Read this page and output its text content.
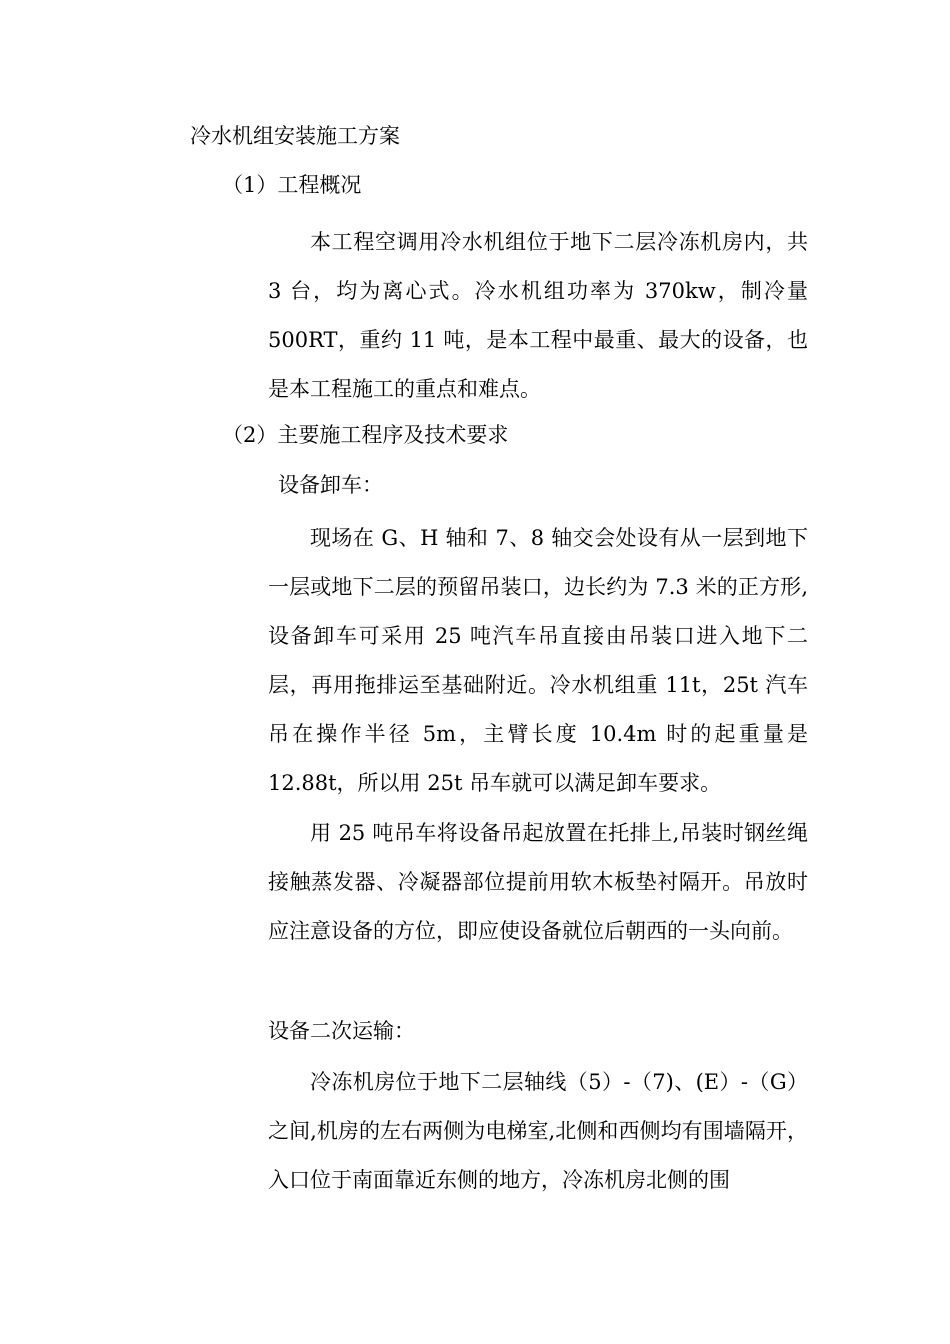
冷水机组安装施工方案
（1）工程概况

本工程空调用冷水机组位于地下二层冷冻机房内，共 3 台，均为离心式。冷水机组功率为 370kw，制冷量 500RT，重约 11 吨，是本工程中最重、最大的设备，也是本工程施工的重点和难点。

（2）主要施工程序及技术要求
设备卸车：

现场在 G、H 轴和 7、8 轴交会处设有从一层到地下一层或地下二层的预留吊装口，边长约为 7.3 米的正方形,设备卸车可采用 25 吨汽车吊直接由吊装口进入地下二层，再用拖排运至基础附近。冷水机组重 11t，25t 汽车吊在操作半径 5m，主臂长度 10.4m 时的起重量是 12.88t，所以用 25t 吊车就可以满足卸车要求。

用 25 吨吊车将设备吊起放置在托排上,吊装时钢丝绳接触蒸发器、冷凝器部位提前用软木板垫衬隔开。吊放时应注意设备的方位，即应使设备就位后朝西的一头向前。

设备二次运输：

冷冻机房位于地下二层轴线（5）-（7)、(E）-（G）之间,机房的左右两侧为电梯室,北侧和西侧均有围墙隔开，入口位于南面靠近东侧的地方，冷冻机房北侧的围
